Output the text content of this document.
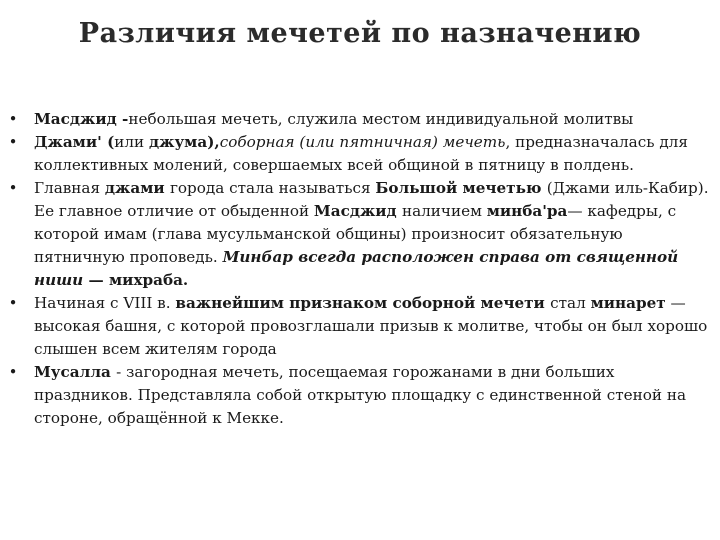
Различия мечетей по назначению
• Масджид -небольшая мечеть, служила местом индивидуальной молитвы
• Джами' (или джума),соборная (или пятничная) мечеть, предназначалась для коллективных молений, совершаемых всей общиной в пятницу в полдень.
• Главная джами города стала называться Большой мечетью (Джами иль-Кабир). Ее главное отличие от обыденной Масджид наличием минба'ра— кафедры, с которой имам (глава мусульманской общины) произносит обязательную пятничную проповедь. Минбар всегда расположен справа от священной ниши — михраба.
• Начиная с VIII в. важнейшим признаком соборной мечети стал минарет — высокая башня, с которой провозглашали призыв к молитве, чтобы он был хорошо слышен всем жителям города
• Мусалла - загородная мечеть, посещаемая горожанами в дни больших праздников. Представляла собой открытую площадку с единственной стеной на стороне, обращённой к Мекке.
